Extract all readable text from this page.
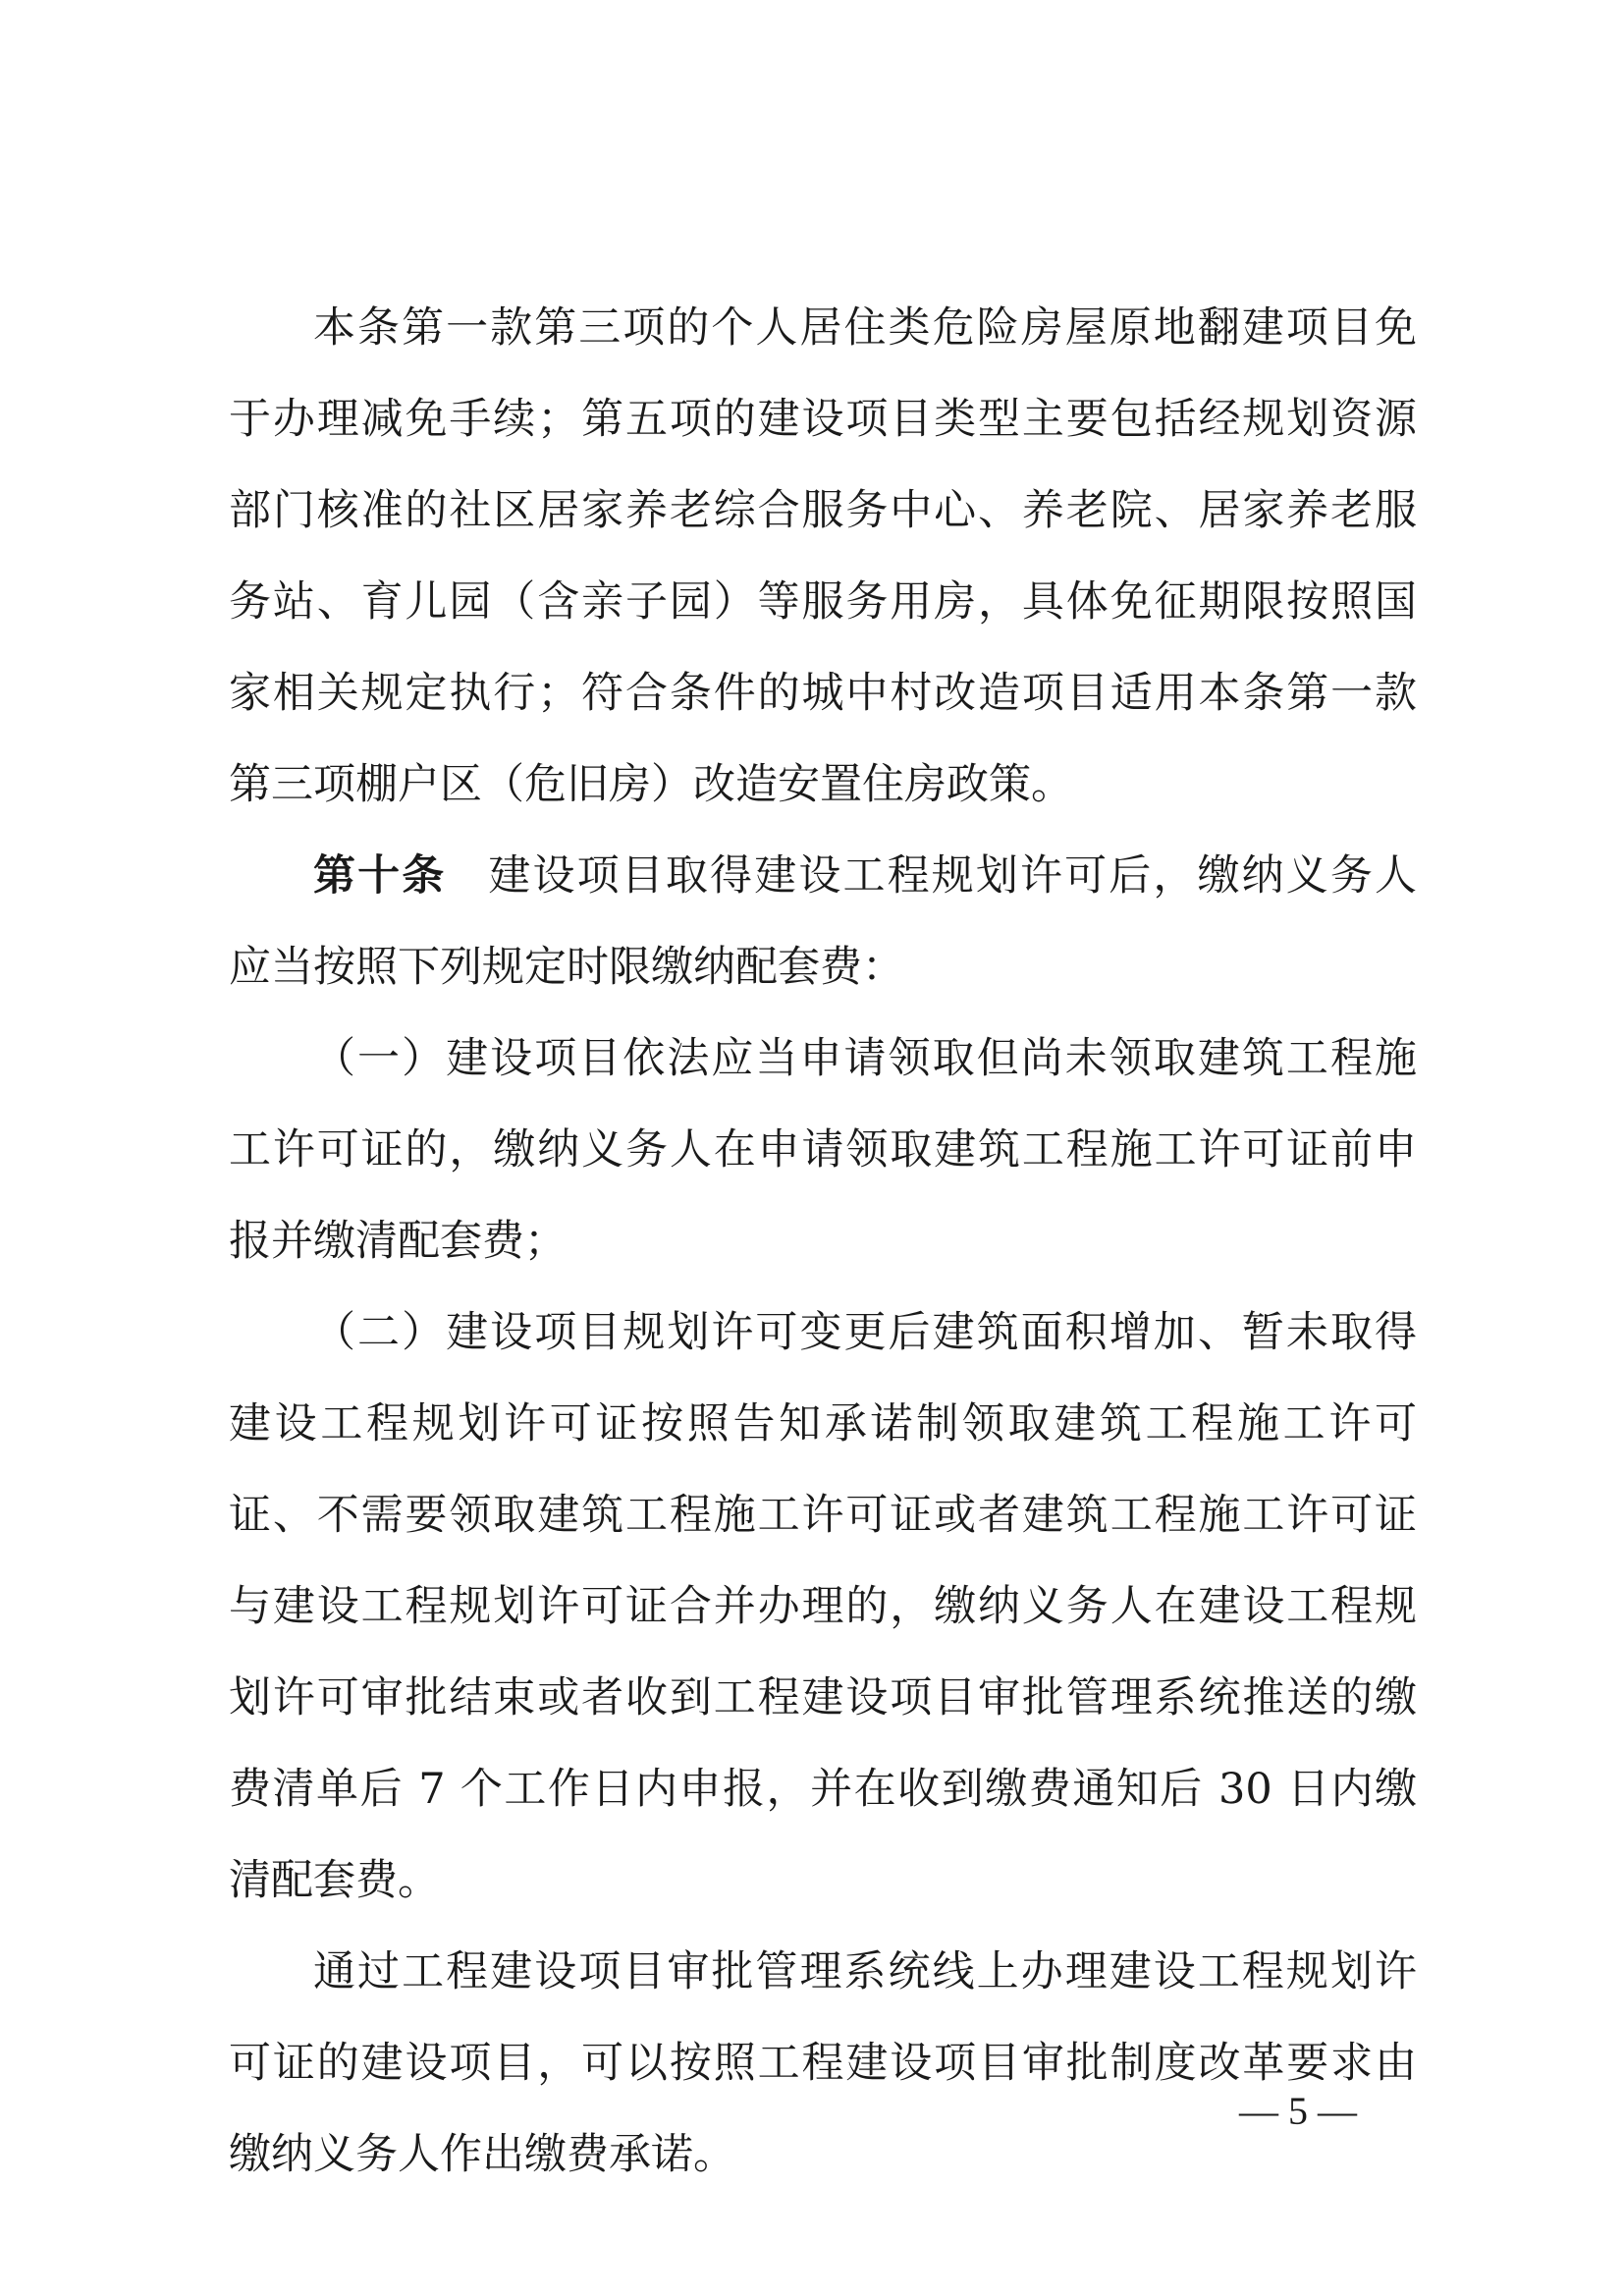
本条第一款第三项的个人居住类危险房屋原地翻建项目免
于办理减免手续；第五项的建设项目类型主要包括经规划资源
部门核准的社区居家养老综合服务中心、养老院、居家养老服
务站、育儿园（含亲子园）等服务用房，具体免征期限按照国
家相关规定执行；符合条件的城中村改造项目适用本条第一款
第三项棚户区（危旧房）改造安置住房政策。
第十条 建设项目取得建设工程规划许可后，缴纳义务人
应当按照下列规定时限缴纳配套费：
（一）建设项目依法应当申请领取但尚未领取建筑工程施
工许可证的，缴纳义务人在申请领取建筑工程施工许可证前申
报并缴清配套费；
（二）建设项目规划许可变更后建筑面积增加、暂未取得
建设工程规划许可证按照告知承诺制领取建筑工程施工许可
证、不需要领取建筑工程施工许可证或者建筑工程施工许可证
与建设工程规划许可证合并办理的，缴纳义务人在建设工程规
划许可审批结束或者收到工程建设项目审批管理系统推送的缴
费清单后 7 个工作日内申报，并在收到缴费通知后 30 日内缴
清配套费。
通过工程建设项目审批管理系统线上办理建设工程规划许
可证的建设项目，可以按照工程建设项目审批制度改革要求由
缴纳义务人作出缴费承诺。
— 5 —
